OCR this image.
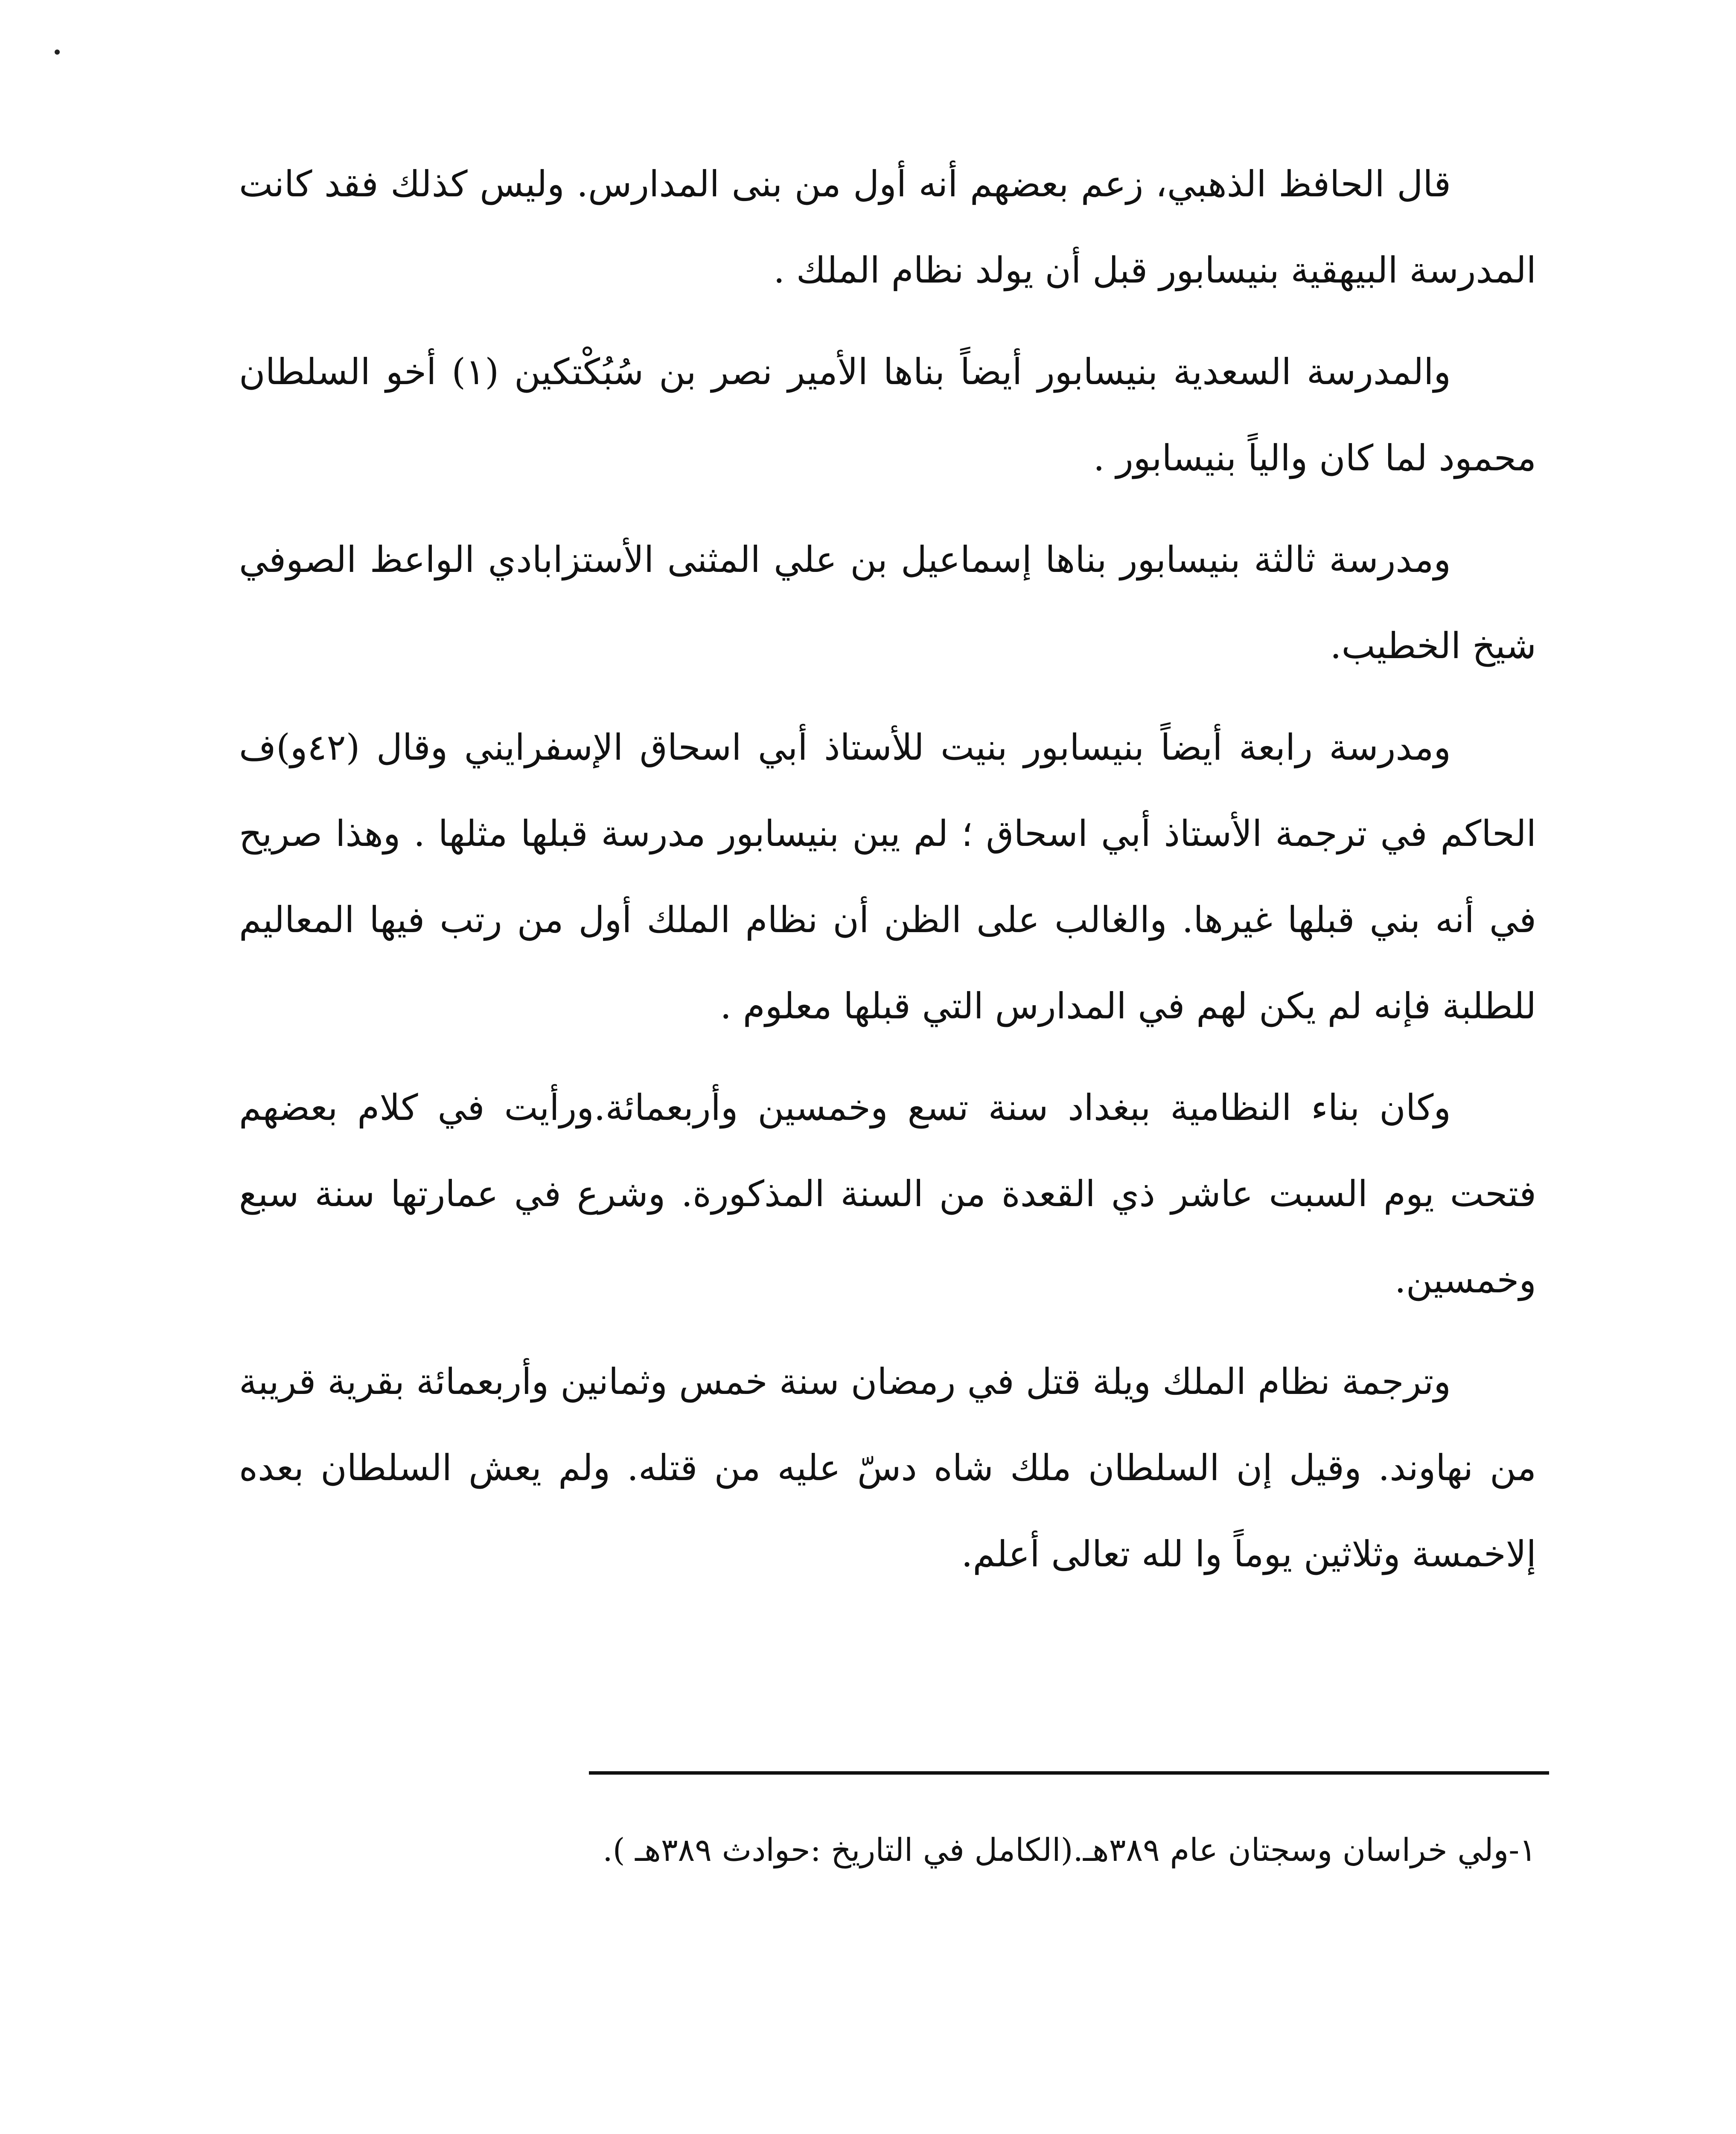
قال الحافظ الذهبي، زعم بعضهم أنه أول من بنى المدارس. وليس كذلك فقد كانت المدرسة البيهقية بنيسابور قبل أن يولد نظام الملك .

والمدرسة السعدية بنيسابور أيضاً بناها الأمير نصر بن سُبُكْتكين (١) أخو السلطان محمود لما كان والياً بنيسابور .

ومدرسة ثالثة بنيسابور بناها إسماعيل بن علي المثنى الأستزابادي الواعظ الصوفي شيخ الخطيب.

ومدرسة رابعة أيضاً بنيسابور بنيت للأستاذ أبي اسحاق الإسفرايني وقال (٤٢و)ف الحاكم في ترجمة الأستاذ أبي اسحاق ؛ لم يبن بنيسابور مدرسة قبلها مثلها . وهذا صريح في أنه بني قبلها غيرها. والغالب على الظن أن نظام الملك أول من رتب فيها المعاليم للطلبة فإنه لم يكن لهم في المدارس التي قبلها معلوم .

وكان بناء النظامية ببغداد سنة تسع وخمسين وأربعمائة.ورأيت في كلام بعضهم فتحت يوم السبت عاشر ذي القعدة من السنة المذكورة. وشرع في عمارتها سنة سبع وخمسين.

وترجمة نظام الملك ويلة قتل في رمضان سنة خمس وثمانين وأربعمائة بقرية قريبة من نهاوند. وقيل إن السلطان ملك شاه دسّ عليه من قتله. ولم يعش السلطان بعده إلاخمسة وثلاثين يوماً وا لله تعالى أعلم.

١-ولي خراسان وسجتان عام ٣٨٩هـ.(الكامل في التاريخ :حوادث ٣٨٩هـ ).
